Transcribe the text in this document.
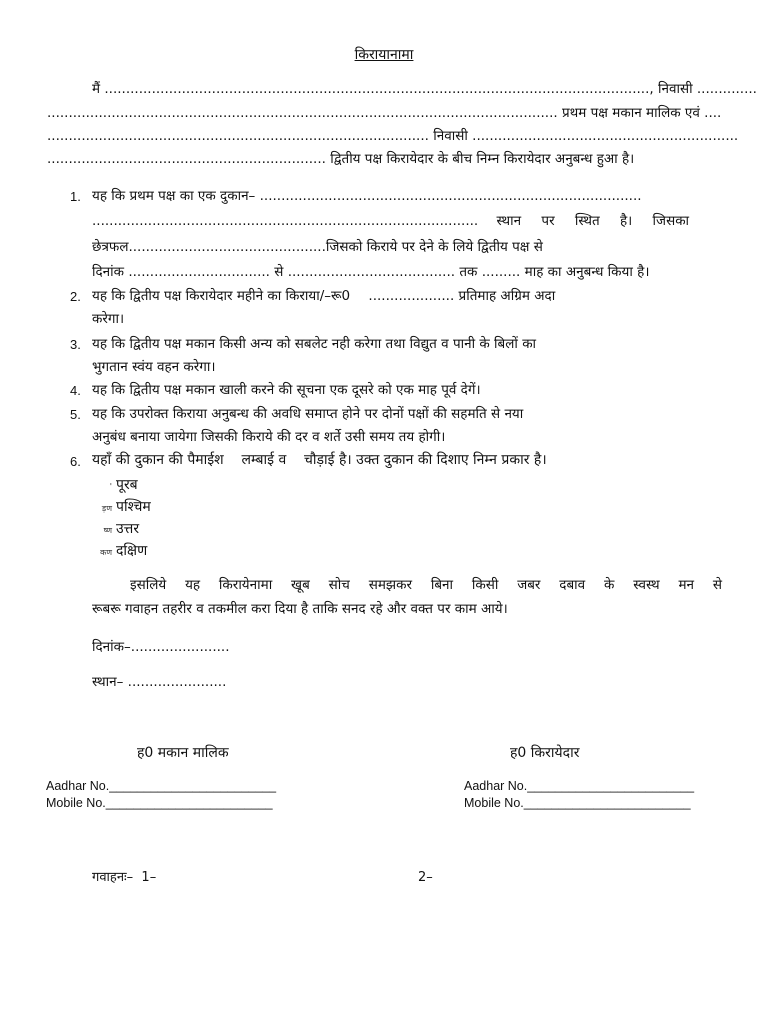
किरायानामा
मैं ..............................................................................................................................., निवासी ..............
....................................................................................................................... प्रथम पक्ष मकान मालिक एवं ....
......................................................................................... निवासी ..............................................................
................................................................. द्वितीय पक्ष किरायेदार के बीच निम्न किरायेदार अनुबन्ध हुआ है।
1. यह कि प्रथम पक्ष का एक दुकान– .........................................................................................
.......................................................................................... स्थान पर स्थित है। जिसका
छेत्रफल..............................................जिसको किराये पर देने के लिये द्वितीय पक्ष से
दिनांक ................................. से ....................................... तक ......... माह का अनुबन्ध किया है।
2. यह कि द्वितीय पक्ष किरायेदार महीने का किराया/–रू0 .................... प्रतिमाह अग्रिम अदा
करेगा।
3. यह कि द्वितीय पक्ष मकान किसी अन्य को सबलेट नही करेगा तथा विद्युत व पानी के बिलों का
भुगतान स्वंय वहन करेगा।
4. यह कि द्वितीय पक्ष मकान खाली करने की सूचना एक दूसरे को एक माह पूर्व देगें।
5. यह कि उपरोक्त किराया अनुबन्ध की अवधि समाप्त होने पर दोनों पक्षों की सहमति से नया
अनुबंध बनाया जायेगा जिसकी किराये की दर व शर्ते उसी समय तय होगी।
6. यहाँ की दुकान की पैमाईश    लम्बाई व    चौड़ाई है। उक्त दुकान की दिशाए निम्न प्रकार है।
' पूरब
ड़ण पश्चिम
ष्ण उत्तर
कण दक्षिण
इसलिये यह किरायेनामा खूब सोच समझकर बिना किसी जबर दबाव के स्वस्थ मन से
रूबरू गवाहन तहरीर व तकमील करा दिया है ताकि सनद रहे और वक्त पर काम आये।
दिनांक–.......................
स्थान– .......................
ह0 मकान मालिक	ह0 किरायेदार
Aadhar No.________________________
Mobile No.________________________
Aadhar No.________________________
Mobile No.________________________
गवाहनः–  1–	2–
